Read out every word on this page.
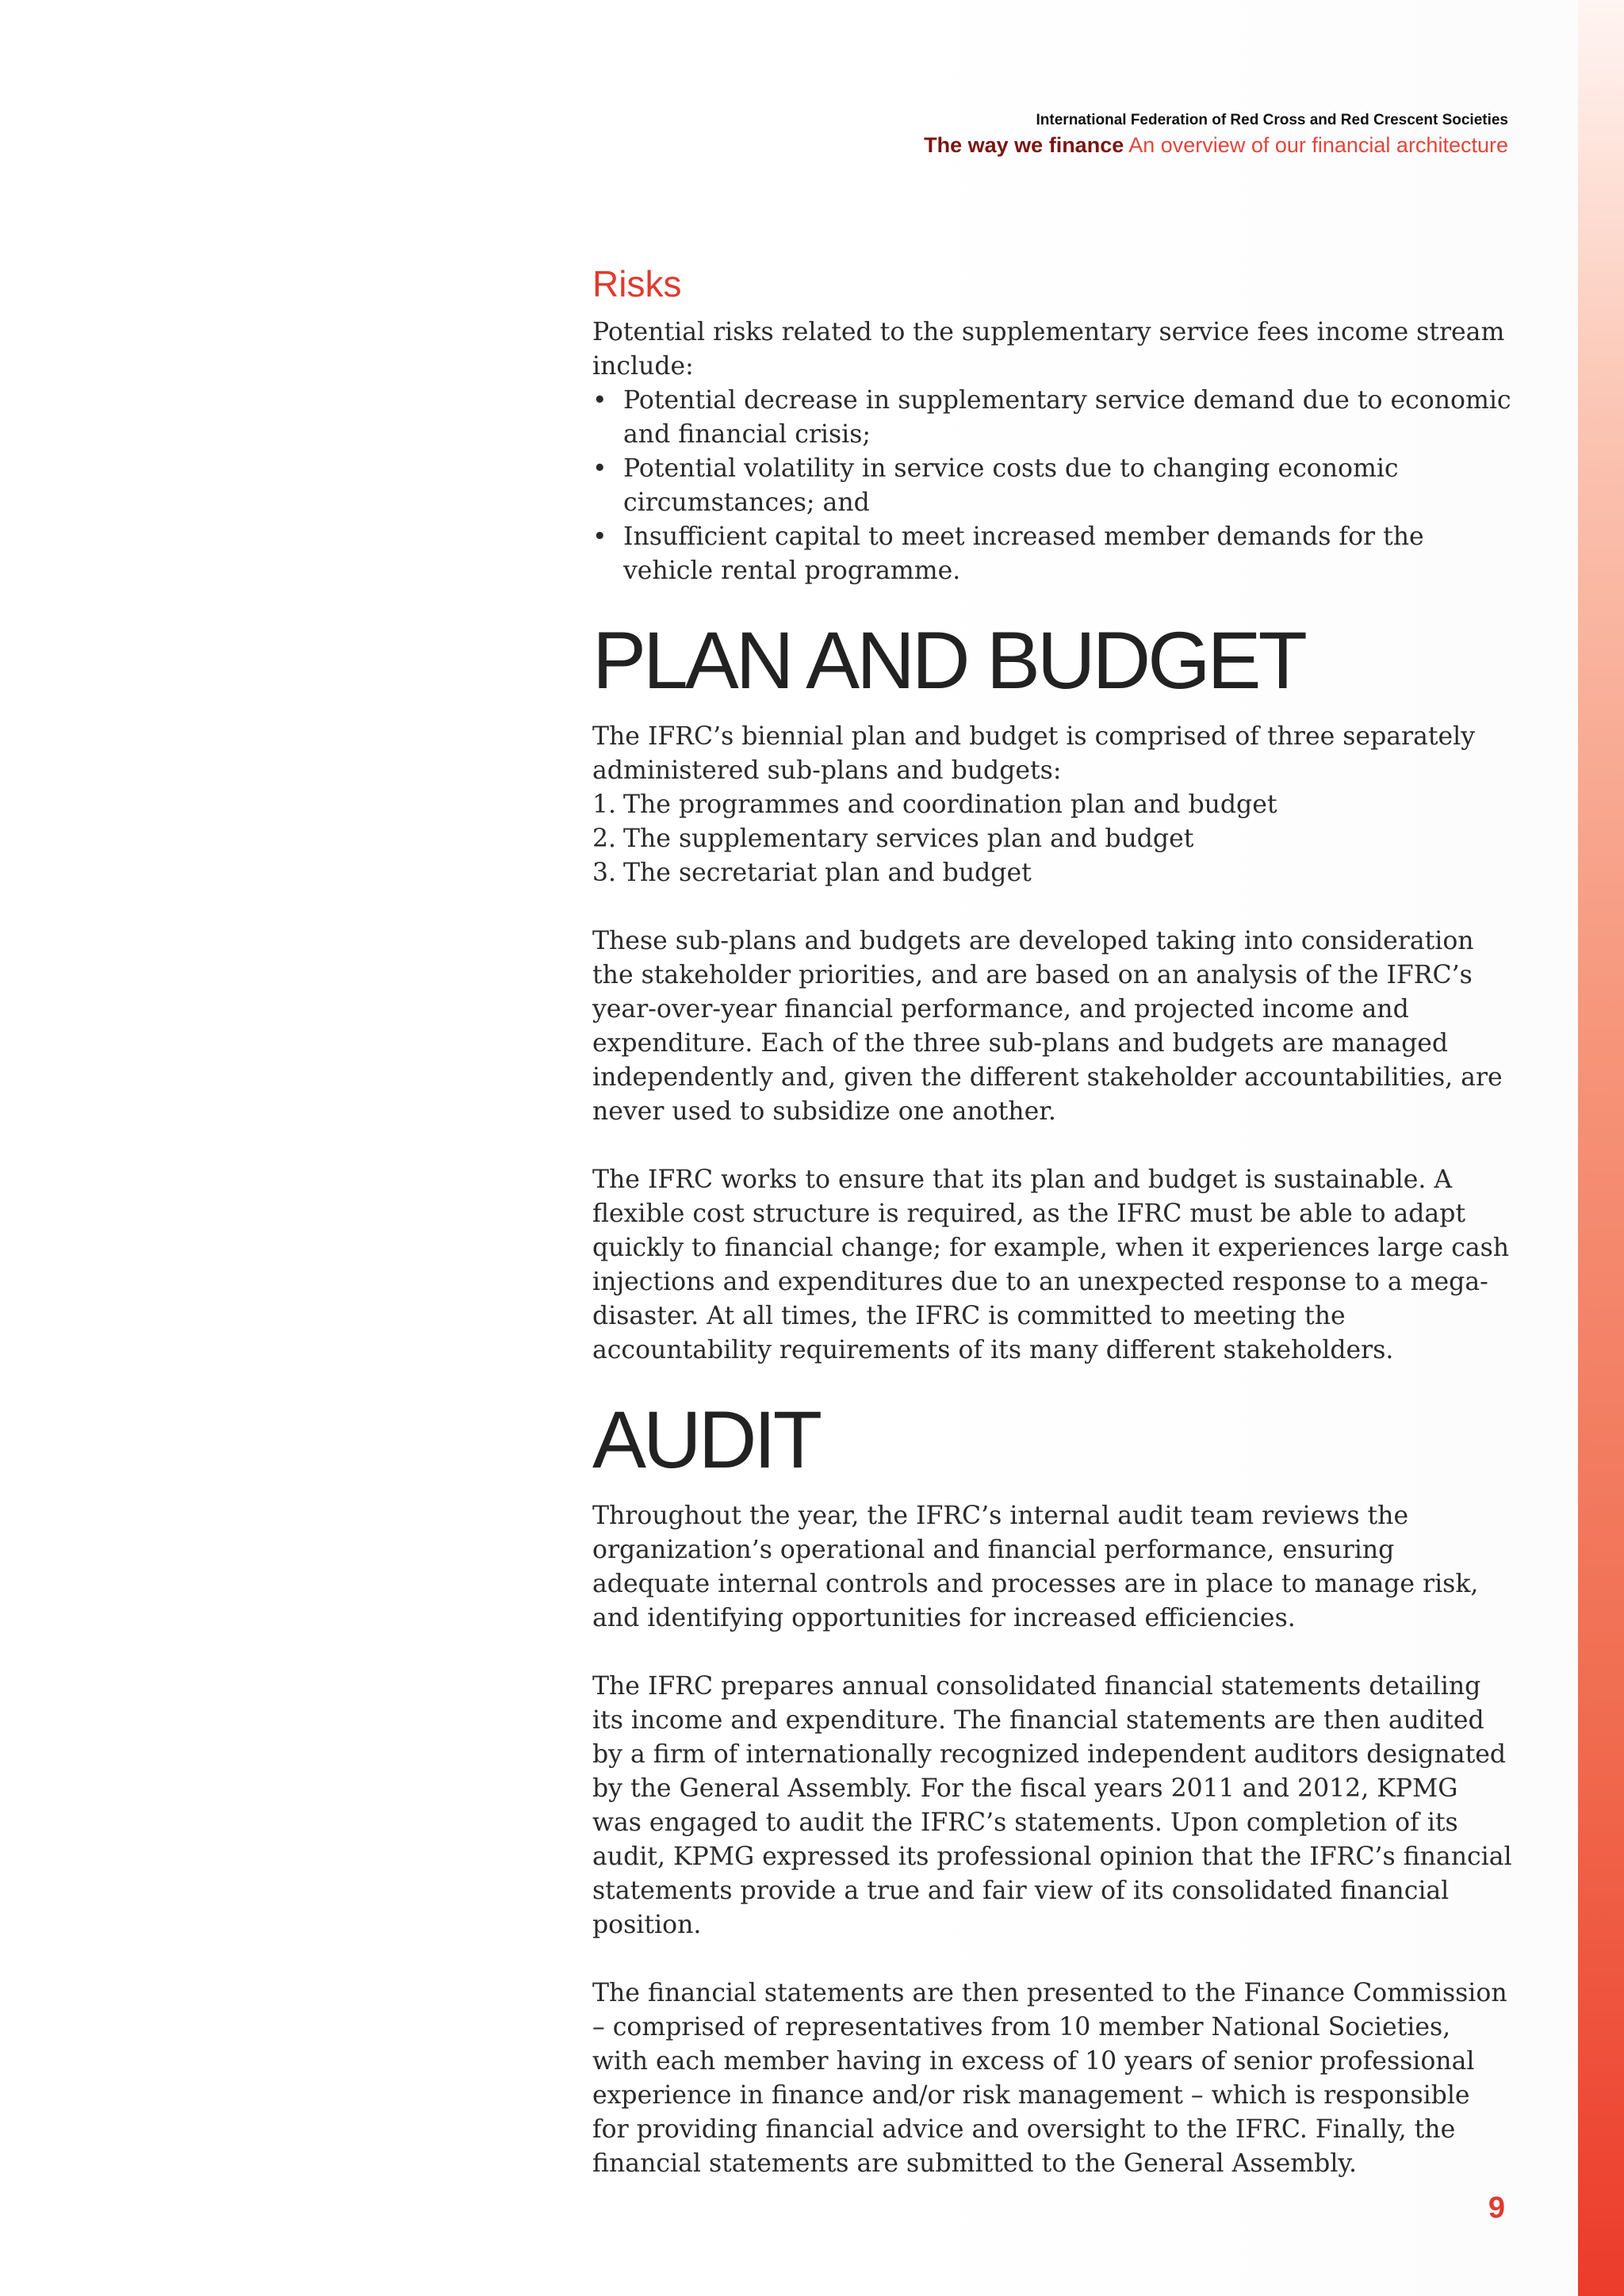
International Federation of Red Cross and Red Crescent Societies
The way we finance An overview of our financial architecture
Risks

Potential risks related to the supplementary service fees income stream include:

• Potential decrease in supplementary service demand due to economic and financial crisis;
• Potential volatility in service costs due to changing economic circumstances; and
• Insufficient capital to meet increased member demands for the vehicle rental programme.
PLAN AND BUDGET

The IFRC’s biennial plan and budget is comprised of three separately administered sub-plans and budgets:

1. The programmes and coordination plan and budget
2. The supplementary services plan and budget
3. The secretariat plan and budget

These sub-plans and budgets are developed taking into consideration the stakeholder priorities, and are based on an analysis of the IFRC’s year-over-year financial performance, and projected income and expenditure. Each of the three sub-plans and budgets are managed independently and, given the different stakeholder accountabilities, are never used to subsidize one another.

The IFRC works to ensure that its plan and budget is sustainable. A flexible cost structure is required, as the IFRC must be able to adapt quickly to financial change; for example, when it experiences large cash injections and expenditures due to an unexpected response to a mega-disaster. At all times, the IFRC is committed to meeting the accountability requirements of its many different stakeholders.

AUDIT

Throughout the year, the IFRC’s internal audit team reviews the organization’s operational and financial performance, ensuring adequate internal controls and processes are in place to manage risk, and identifying opportunities for increased efficiencies.

The IFRC prepares annual consolidated financial statements detailing its income and expenditure. The financial statements are then audited by a firm of internationally recognized independent auditors designated by the General Assembly. For the fiscal years 2011 and 2012, KPMG was engaged to audit the IFRC’s statements. Upon completion of its audit, KPMG expressed its professional opinion that the IFRC’s financial statements provide a true and fair view of its consolidated financial position.

The financial statements are then presented to the Finance Commission – comprised of representatives from 10 member National Societies, with each member having in excess of 10 years of senior professional experience in finance and/or risk management – which is responsible for providing financial advice and oversight to the IFRC. Finally, the financial statements are submitted to the General Assembly.

9
